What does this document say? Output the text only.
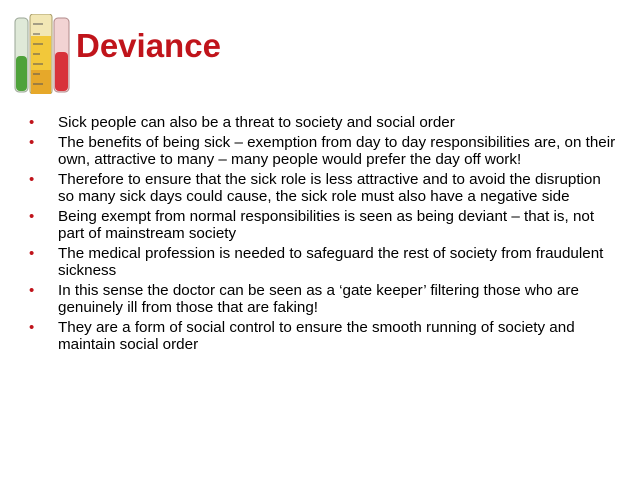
Deviance
• Sick people can also be a threat to society and social order
• The benefits of being sick – exemption from day to day responsibilities are, on their own, attractive to many – many people would prefer the day off work!
• Therefore to ensure that the sick role is less attractive and to avoid the disruption so many sick days could cause, the sick role must also have a negative side
• Being exempt from normal responsibilities is seen as being deviant – that is, not part of mainstream society
• The medical profession is needed to safeguard the rest of society from fraudulent sickness
• In this sense the doctor can be seen as a ‘gate keeper’ filtering those who are genuinely ill from those that are faking!
• They are a form of social control to ensure the smooth running of society and maintain social order
